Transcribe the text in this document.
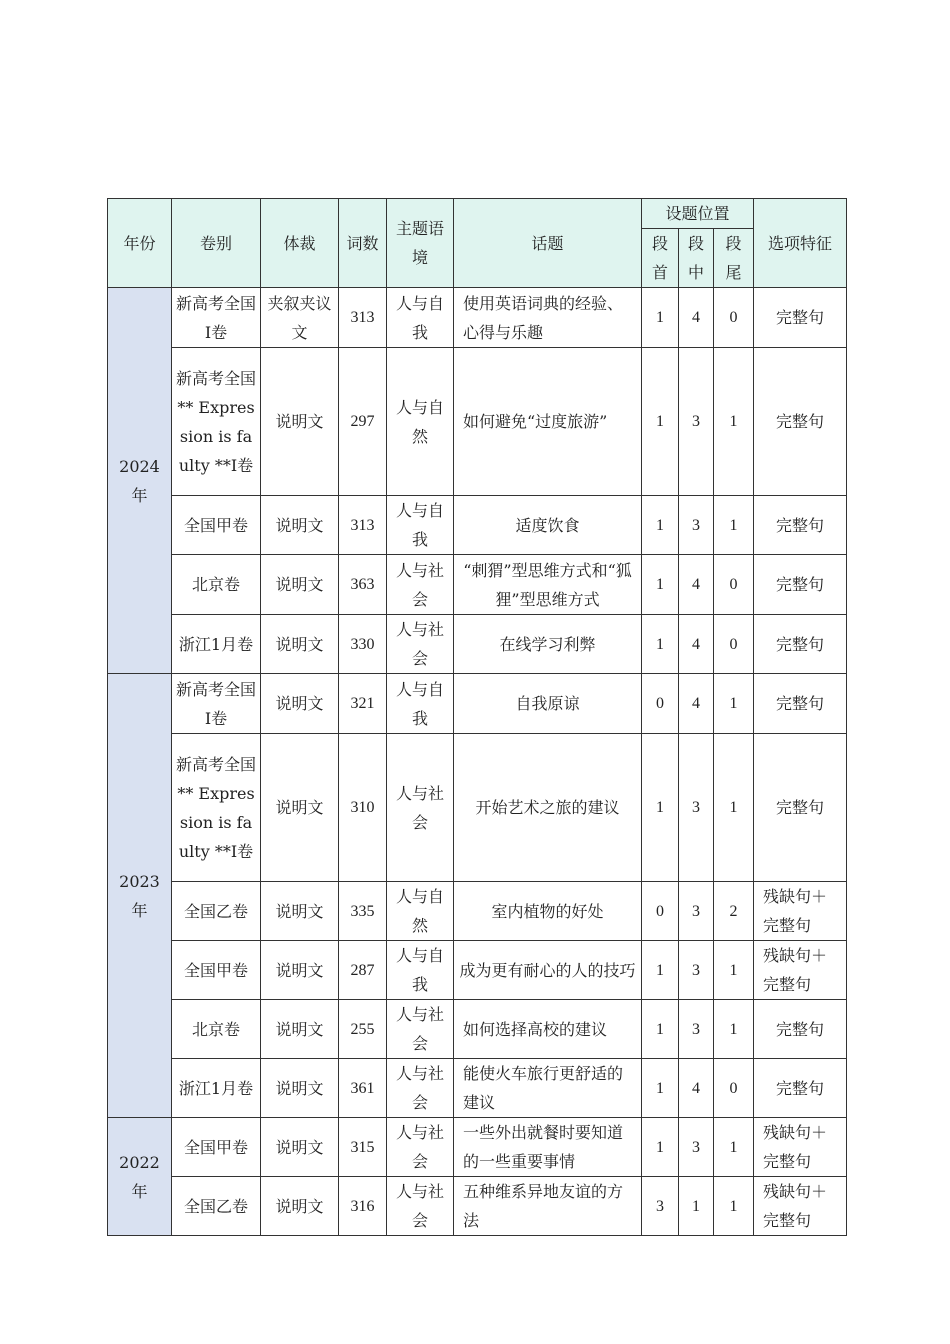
年份	卷别	体裁	词数	主题语境	话题	设题位置			选项特征
						段首	段中	段尾	
2024年	新高考全国I卷	夹叙夹议文	313	人与自我	使用英语词典的经验、心得与乐趣	1	4	0	完整句
	新高考全国** Expression is faulty **I卷	说明文	297	人与自然	如何避免“过度旅游”	1	3	1	完整句
	全国甲卷	说明文	313	人与自我	适度饮食	1	3	1	完整句
	北京卷	说明文	363	人与社会	“刺猬”型思维方式和“狐狸”型思维方式	1	4	0	完整句
	浙江1月卷	说明文	330	人与社会	在线学习利弊	1	4	0	完整句
2023年	新高考全国I卷	说明文	321	人与自我	自我原谅	0	4	1	完整句
	新高考全国** Expression is faulty **I卷	说明文	310	人与社会	开始艺术之旅的建议	1	3	1	完整句
	全国乙卷	说明文	335	人与自然	室内植物的好处	0	3	2	残缺句＋完整句
	全国甲卷	说明文	287	人与自我	成为更有耐心的人的技巧	1	3	1	残缺句＋完整句
	北京卷	说明文	255	人与社会	如何选择高校的建议	1	3	1	完整句
	浙江1月卷	说明文	361	人与社会	能使火车旅行更舒适的建议	1	4	0	完整句
2022年	全国甲卷	说明文	315	人与社会	一些外出就餐时要知道的一些重要事情	1	3	1	残缺句＋完整句
	全国乙卷	说明文	316	人与社会	五种维系异地友谊的方法	3	1	1	残缺句＋完整句
